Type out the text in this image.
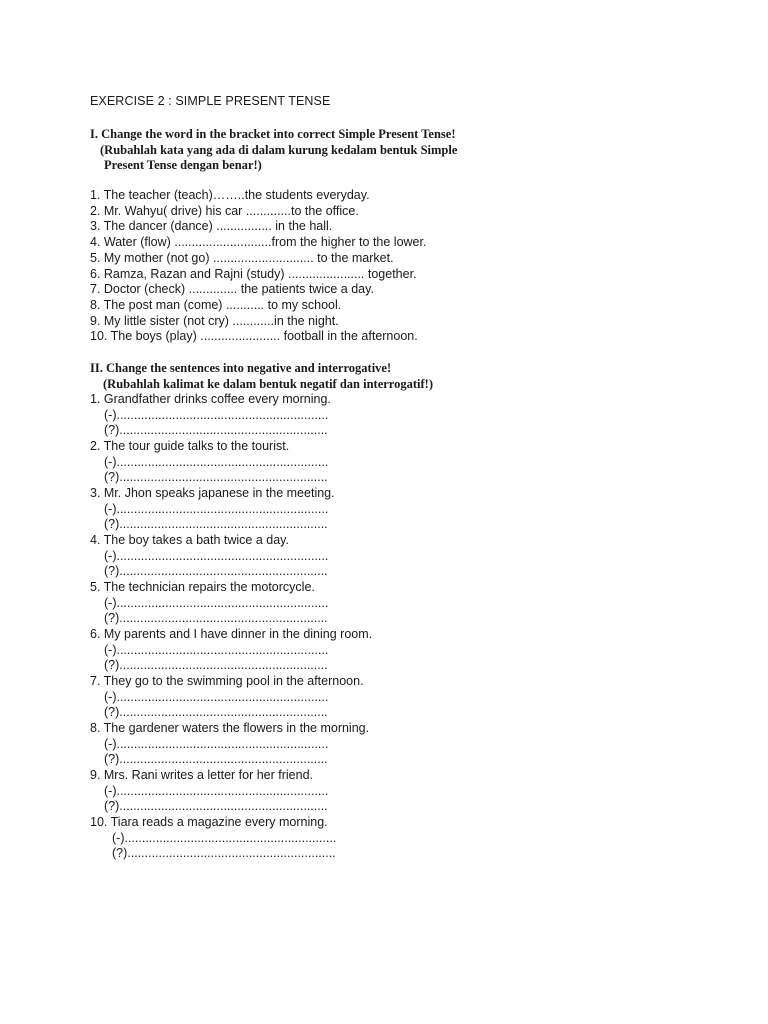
EXERCISE 2 : SIMPLE PRESENT TENSE
I. Change the word in the bracket into correct Simple Present Tense!
(Rubahlah kata yang ada di dalam kurung kedalam bentuk Simple
Present Tense dengan benar!)
1. The teacher (teach)……..the students everyday.
2. Mr. Wahyu( drive) his car .............to the office.
3. The dancer (dance) ................ in the hall.
4. Water (flow) ............................from the higher to the lower.
5. My mother (not go) ............................. to the market.
6. Ramza, Razan and Rajni (study) ...................... together.
7. Doctor (check) .............. the patients twice a day.
8. The post man (come) ........... to my school.
9. My little sister (not cry) ............in the night.
10. The boys (play) ....................... football in the afternoon.
II. Change the sentences into negative and interrogative!
(Rubahlah kalimat ke dalam bentuk negatif dan interrogatif!)
1. Grandfather drinks coffee every morning.
(-).............................................................
(?)............................................................
2. The tour guide talks to the tourist.
(-).............................................................
(?)............................................................
3. Mr. Jhon speaks japanese in the meeting.
(-).............................................................
(?)............................................................
4. The boy takes a bath twice a day.
(-).............................................................
(?)............................................................
5. The technician repairs the motorcycle.
(-).............................................................
(?)............................................................
6. My parents and I have dinner in the dining room.
(-).............................................................
(?)............................................................
7. They go to the swimming pool in the afternoon.
(-).............................................................
(?)............................................................
8. The gardener waters the flowers in the morning.
(-).............................................................
(?)............................................................
9. Mrs. Rani writes a letter for her friend.
(-).............................................................
(?)............................................................
10. Tiara reads a magazine every morning.
(-).............................................................
(?)............................................................
